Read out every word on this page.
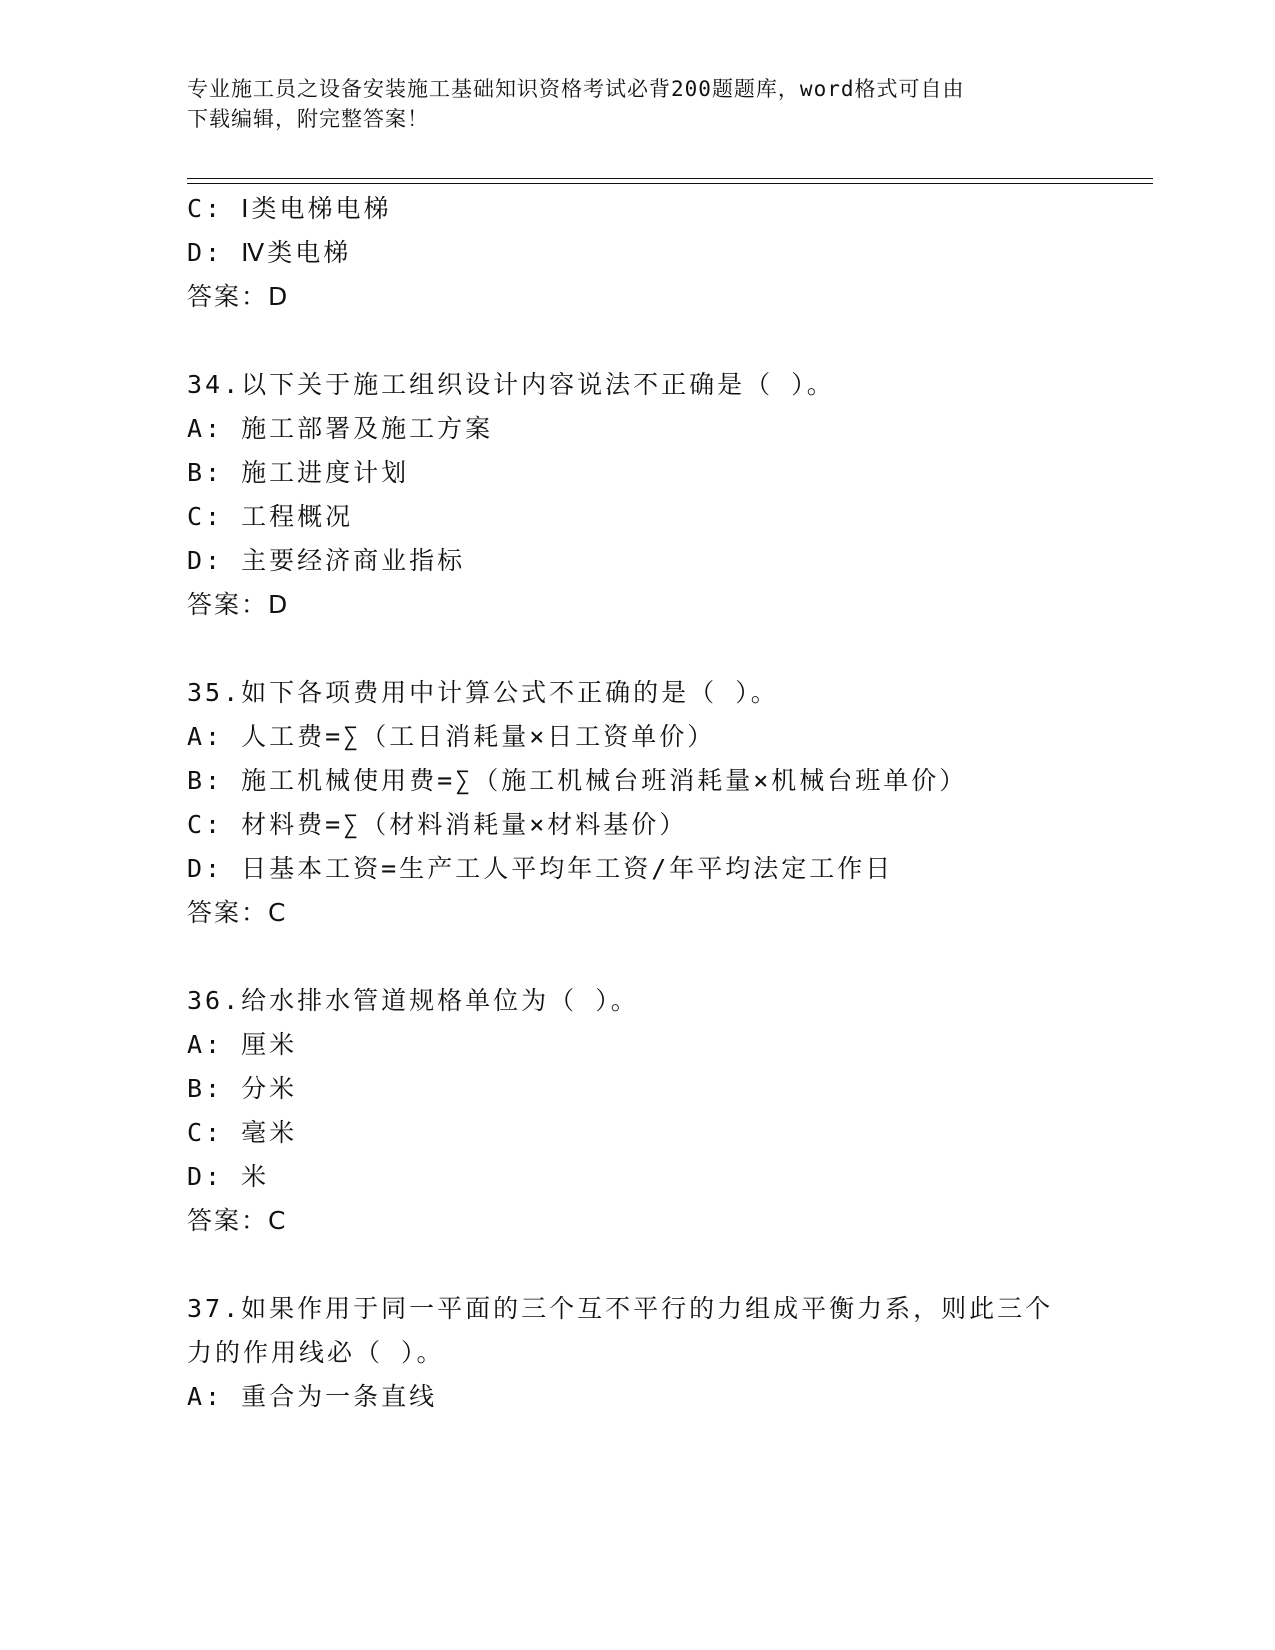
专业施工员之设备安装施工基础知识资格考试必背200题题库，word格式可自由
下载编辑，附完整答案！
C: Ⅰ类电梯电梯
D: Ⅳ类电梯
答案：D
34.以下关于施工组织设计内容说法不正确是（ ）。
A: 施工部署及施工方案
B: 施工进度计划
C: 工程概况
D: 主要经济商业指标
答案：D
35.如下各项费用中计算公式不正确的是（ ）。
A: 人工费=∑（工日消耗量×日工资单价）
B: 施工机械使用费=∑（施工机械台班消耗量×机械台班单价）
C: 材料费=∑（材料消耗量×材料基价）
D: 日基本工资=生产工人平均年工资/年平均法定工作日
答案：C
36.给水排水管道规格单位为（ ）。
A: 厘米
B: 分米
C: 毫米
D: 米
答案：C
37.如果作用于同一平面的三个互不平行的力组成平衡力系，则此三个
力的作用线必（ ）。
A: 重合为一条直线
